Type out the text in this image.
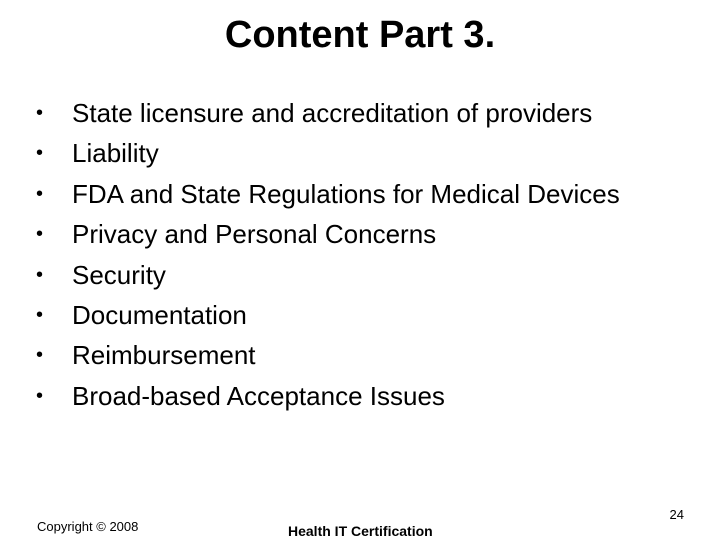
Content Part 3.
• State licensure and accreditation of providers
• Liability
• FDA and State Regulations for Medical Devices
• Privacy and Personal Concerns
• Security
• Documentation
• Reimbursement
• Broad-based Acceptance Issues
Copyright © 2008	Health IT Certification
24
